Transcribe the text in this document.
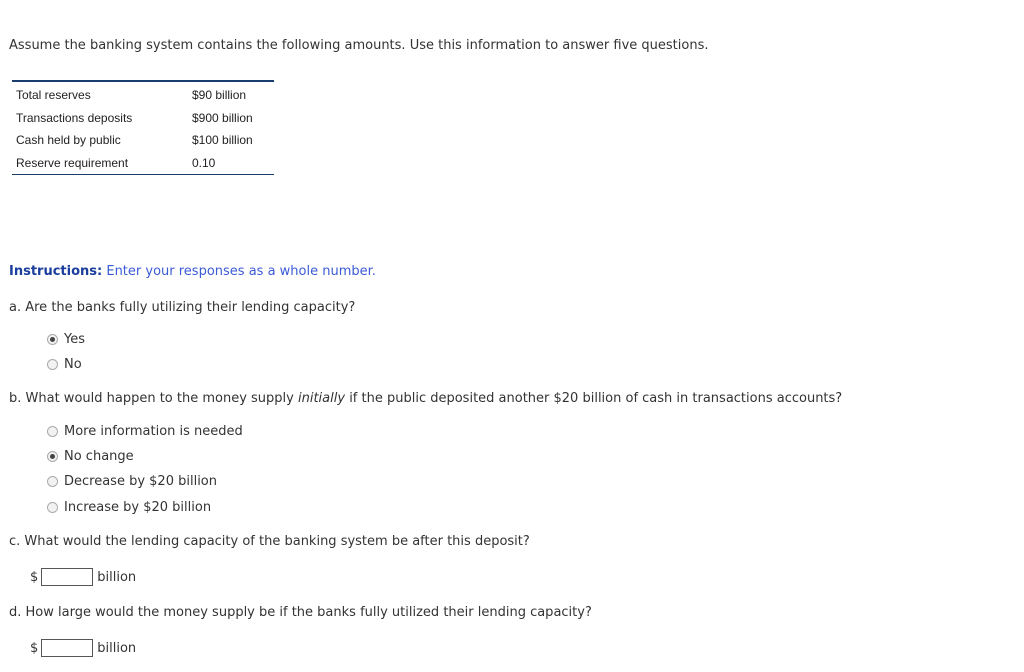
Assume the banking system contains the following amounts. Use this information to answer five questions.
Total reserves	$90 billion
Transactions deposits	$900 billion
Cash held by public	$100 billion
Reserve requirement	0.10
Instructions: Enter your responses as a whole number.
a. Are the banks fully utilizing their lending capacity?
Yes
No
b. What would happen to the money supply initially if the public deposited another $20 billion of cash in transactions accounts?
More information is needed
No change
Decrease by $20 billion
Increase by $20 billion
c. What would the lending capacity of the banking system be after this deposit?
$	billion
d. How large would the money supply be if the banks fully utilized their lending capacity?
$	billion
